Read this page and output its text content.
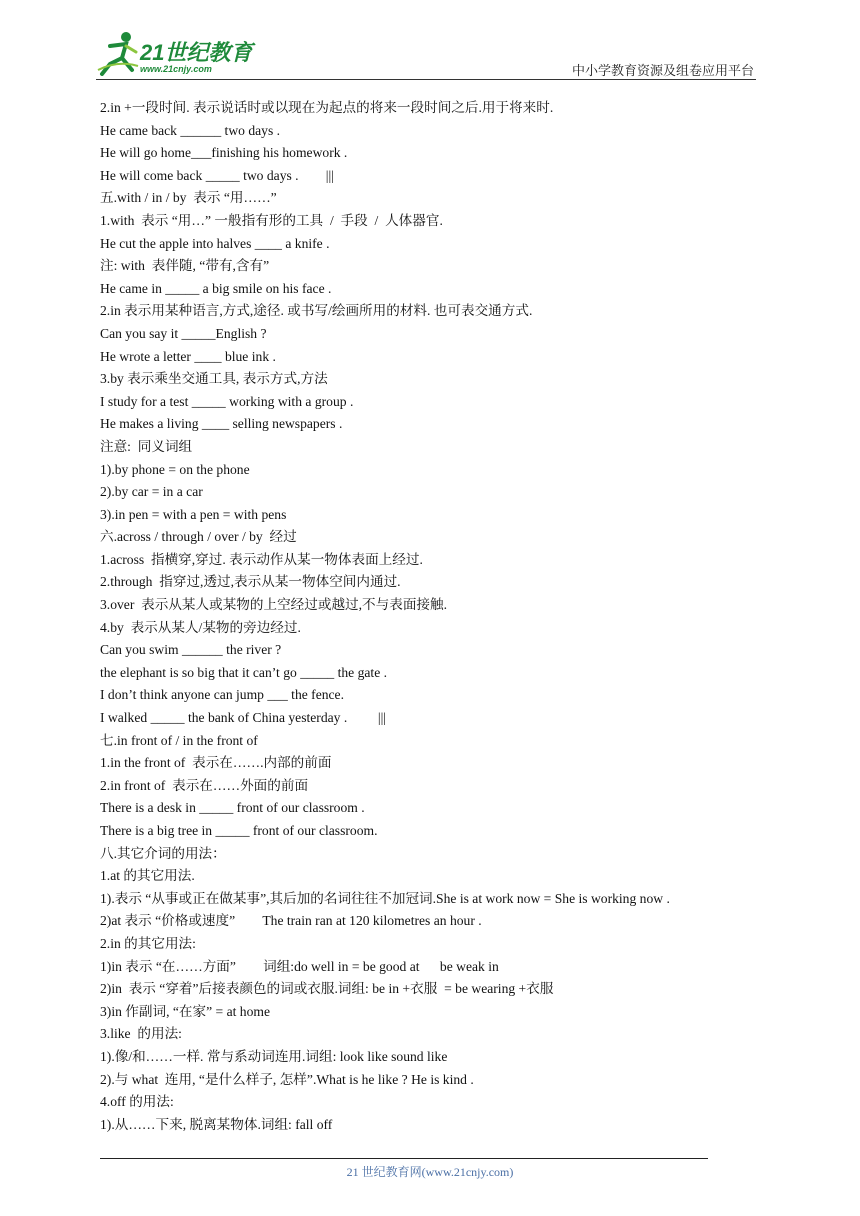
21世纪教育
www.21cnjy.com	中小学教育资源及组卷应用平台
2.in +一段时间. 表示说话时或以现在为起点的将来一段时间之后.用于将来时.
He came back ______ two days .
He will go home___finishing his homework .
He will come back _____ two days .        |||
五.with / in / by  表示 “用……”
1.with  表示 “用…” 一般指有形的工具  /  手段  /  人体器官.
He cut the apple into halves ____ a knife .
注: with  表伴随, “带有,含有”
He came in _____ a big smile on his face .
2.in 表示用某种语言,方式,途径. 或书写/绘画所用的材料. 也可表交通方式.
Can you say it _____English ?
He wrote a letter ____ blue ink .
3.by 表示乘坐交通工具, 表示方式,方法
I study for a test _____ working with a group .
He makes a living ____ selling newspapers .
注意:  同义词组
1).by phone = on the phone
2).by car = in a car
3).in pen = with a pen = with pens
六.across / through / over / by  经过
1.across  指横穿,穿过. 表示动作从某一物体表面上经过.
2.through  指穿过,透过,表示从某一物体空间内通过.
3.over  表示从某人或某物的上空经过或越过,不与表面接触.
4.by  表示从某人/某物的旁边经过.
Can you swim ______ the river ?
the elephant is so big that it can’t go _____ the gate .
I don’t think anyone can jump ___ the fence.
I walked _____ the bank of China yesterday .         |||
七.in front of / in the front of
1.in the front of  表示在…….内部的前面
2.in front of  表示在……外面的前面
There is a desk in _____ front of our classroom .
There is a big tree in _____ front of our classroom.
八.其它介词的用法：
1.at 的其它用法.
1).表示 “从事或正在做某事”,其后加的名词往往不加冠词.She is at work now = She is working now .
2)at 表示 “价格或速度”        The train ran at 120 kilometres an hour .
2.in 的其它用法:
1)in 表示 “在……方面”        词组:do well in = be good at      be weak in
2)in  表示 “穿着”后接表颜色的词或衣服.词组: be in +衣服  = be wearing +衣服
3)in 作副词, “在家” = at home
3.like  的用法:
1).像/和……一样. 常与系动词连用.词组: look like sound like
2).与 what  连用, “是什么样子, 怎样”.What is he like ? He is kind .
4.off 的用法:
1).从……下来, 脱离某物体.词组: fall off
21 世纪教育网(www.21cnjy.com)
